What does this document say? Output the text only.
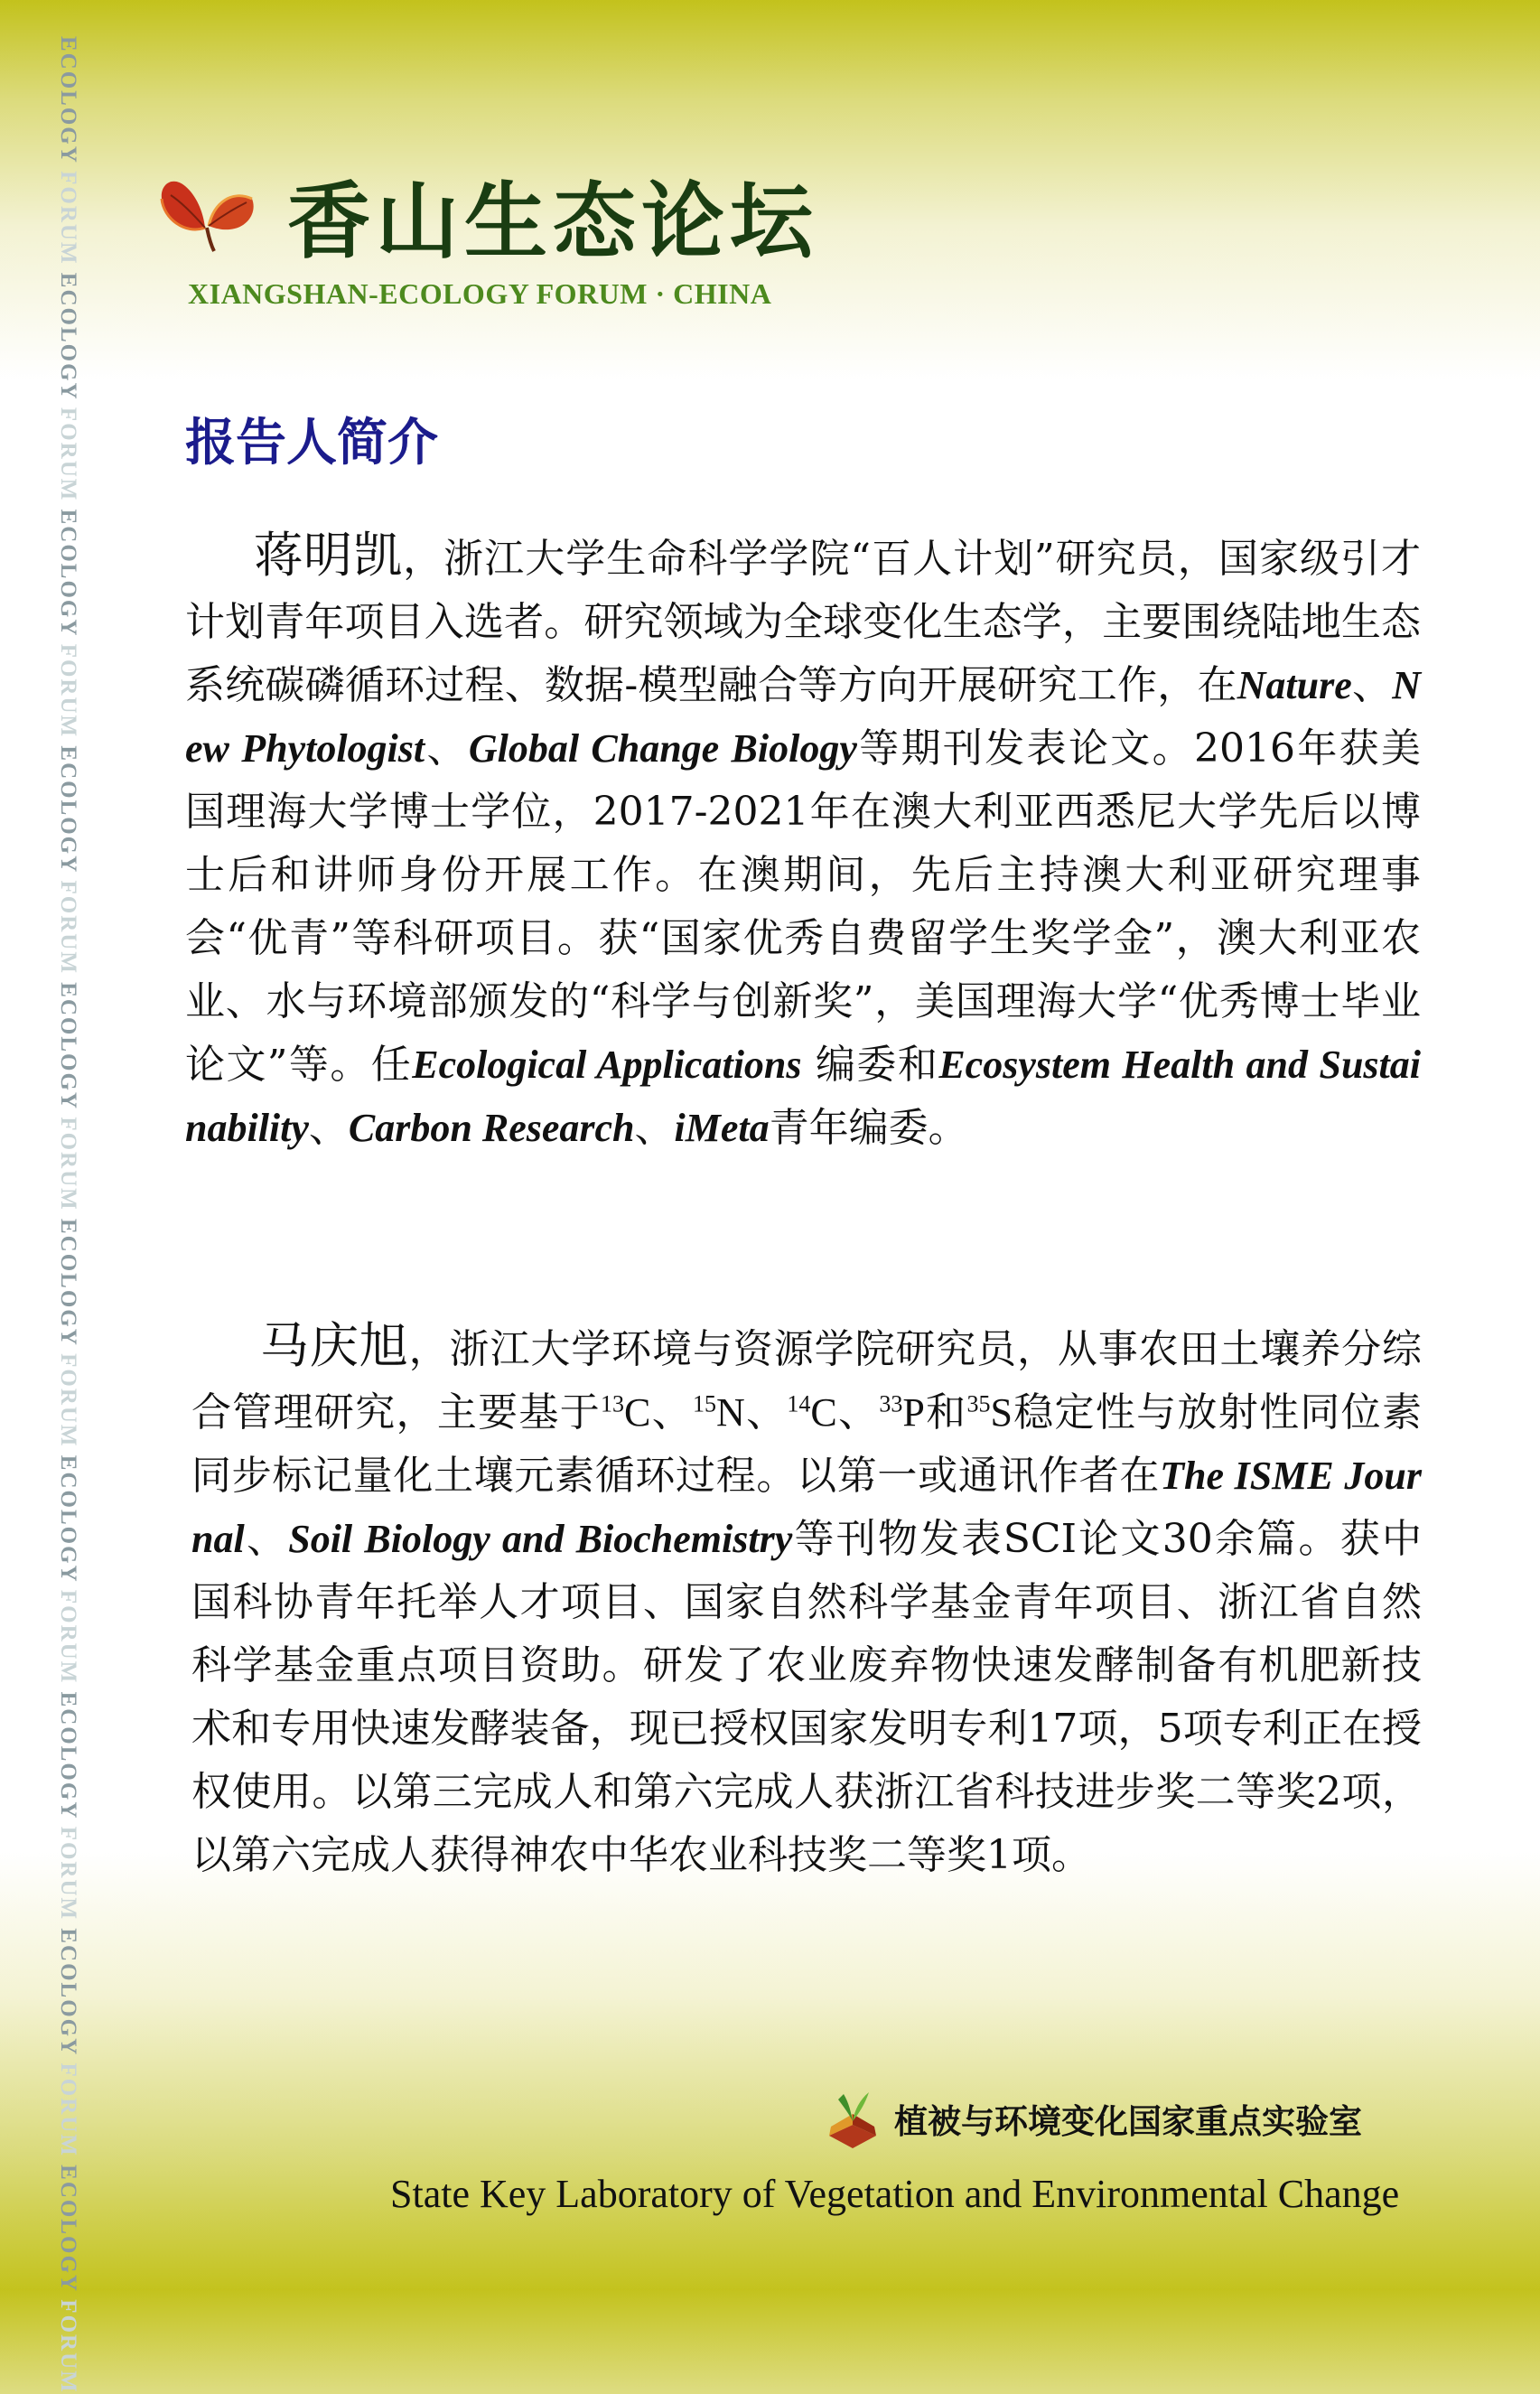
ECOLOGY FORUM ECOLOGY FORUM ECOLOGY FORUM ECOLOGY FORUM ECOLOGY FORUM ECOLOGY FORUM ECOLOGY FORUM ECOLOGY FORUM ECOLOGY FORUM ECOLOGY FORUM
香山生态论坛
XIANGSHAN-ECOLOGY FORUM · CHINA
报告人简介
蒋明凯，浙江大学生命科学学院“百人计划”研究员，国家级引才计划青年项目入选者。研究领域为全球变化生态学，主要围绕陆地生态系统碳磷循环过程、数据-模型融合等方向开展研究工作，在Nature、New Phytologist、Global Change Biology等期刊发表论文。2016年获美国理海大学博士学位，2017-2021年在澳大利亚西悉尼大学先后以博士后和讲师身份开展工作。在澳期间，先后主持澳大利亚研究理事会“优青”等科研项目。获“国家优秀自费留学生奖学金”，澳大利亚农业、水与环境部颁发的“科学与创新奖”，美国理海大学“优秀博士毕业论文”等。任Ecological Applications 编委和Ecosystem Health and Sustainability、Carbon Research、iMeta青年编委。
马庆旭，浙江大学环境与资源学院研究员，从事农田土壤养分综合管理研究，主要基于$^{13}$C、$^{15}$N、$^{14}$C、$^{33}$P和$^{35}$S稳定性与放射性同位素同步标记量化土壤元素循环过程。以第一或通讯作者在The ISME Journal、Soil Biology and Biochemistry等刊物发表SCI论文30余篇。获中国科协青年托举人才项目、国家自然科学基金青年项目、浙江省自然科学基金重点项目资助。研发了农业废弃物快速发酵制备有机肥新技术和专用快速发酵装备，现已授权国家发明专利17项，5项专利正在授权使用。以第三完成人和第六完成人获浙江省科技进步奖二等奖2项，以第六完成人获得神农中华农业科技奖二等奖1项。
植被与环境变化国家重点实验室
State Key Laboratory of Vegetation and Environmental Change
